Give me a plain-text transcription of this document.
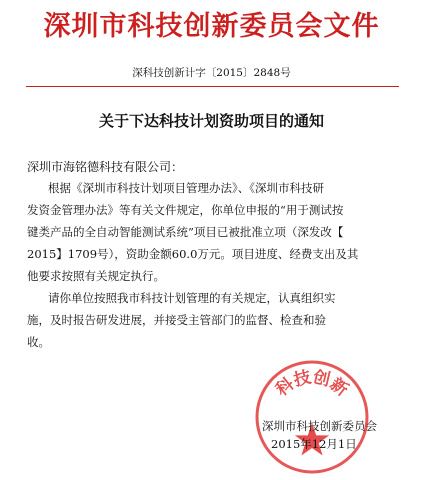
深圳市科技创新委员会文件
深科技创新计字〔2015〕2848号
关于下达科技计划资助项目的通知
深圳市海铭德科技有限公司：
根据《深圳市科技计划项目管理办法》、《深圳市科技研
发资金管理办法》等有关文件规定，你单位申报的“用于测试按
键类产品的全自动智能测试系统”项目已被批准立项（深发改【
2015】1709号），资助金额60.0万元。项目进度、经费支出及其
他要求按照有关规定执行。
请你单位按照我市科技计划管理的有关规定，认真组织实
施，及时报告研发进展，并接受主管部门的监督、检查和验
收。
科技创新
深圳市科技创新委员会
2015年12月1日
